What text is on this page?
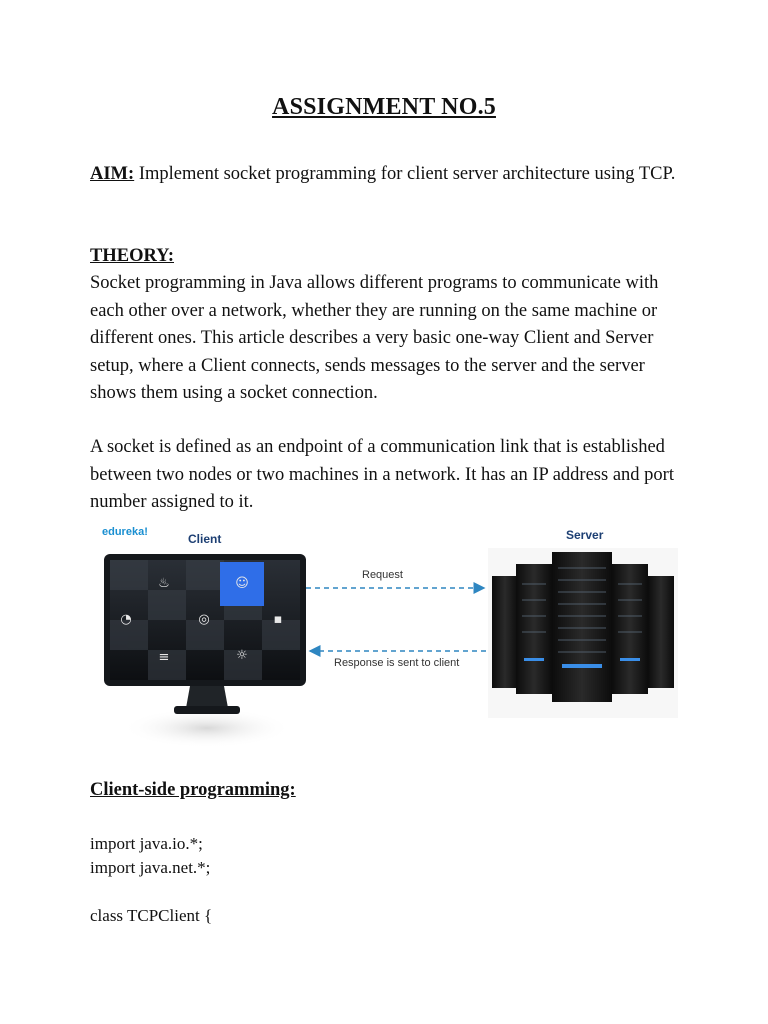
ASSIGNMENT NO.5
AIM: Implement socket programming for client server architecture using TCP.
THEORY:
Socket programming in Java allows different programs to communicate with each other over a network, whether they are running on the same machine or different ones. This article describes a very basic one-way Client and Server setup, where a Client connects, sends messages to the server and the server shows them using a socket connection.
A socket is defined as an endpoint of a communication link that is established between two nodes or two machines in a network. It has an IP address and port number assigned to it.
edureka!	Client	Server
Request
Response is sent to client
♨	☺
◔	◎	▪
≡	☼
Client-side programming:
import java.io.*;
import java.net.*;
class TCPClient {
